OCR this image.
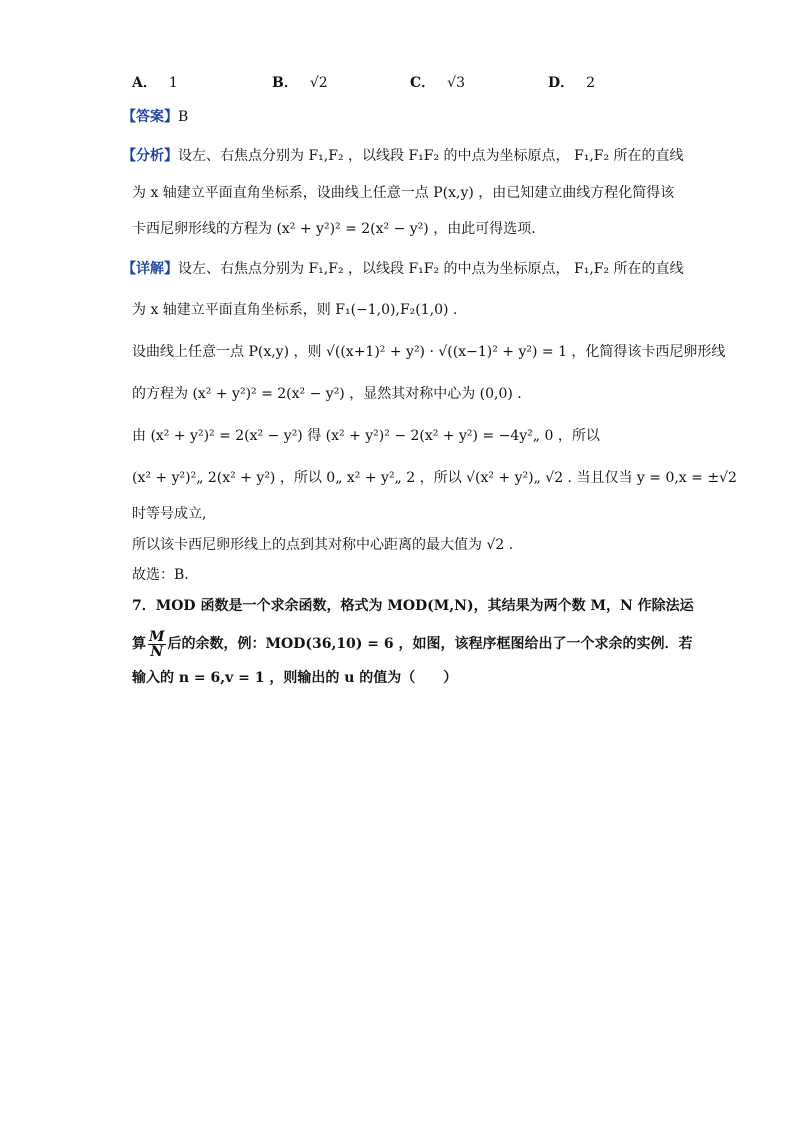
A． 1	B． √2	C． √3	D． 2
【答案】B
【分析】设左、右焦点分别为 F₁,F₂ ，以线段 F₁F₂ 的中点为坐标原点， F₁,F₂ 所在的直线
为 x 轴建立平面直角坐标系，设曲线上任意一点 P(x,y) ，由已知建立曲线方程化简得该
卡西尼卵形线的方程为 (x² + y²)² = 2(x² − y²) ，由此可得选项.
【详解】设左、右焦点分别为 F₁,F₂ ，以线段 F₁F₂ 的中点为坐标原点， F₁,F₂ 所在的直线
为 x 轴建立平面直角坐标系，则 F₁(−1,0),F₂(1,0) .
设曲线上任意一点 P(x,y) ，则 √((x+1)² + y²) · √((x−1)² + y²) = 1 ，化简得该卡西尼卵形线
的方程为 (x² + y²)² = 2(x² − y²) ，显然其对称中心为 (0,0) .
由 (x² + y²)² = 2(x² − y²) 得 (x² + y²)² − 2(x² + y²) = −4y²„ 0 ，所以
(x² + y²)²„ 2(x² + y²) ，所以 0„ x² + y²„ 2 ，所以 √(x² + y²)„ √2 . 当且仅当 y = 0,x = ±√2
时等号成立,
所以该卡西尼卵形线上的点到其对称中心距离的最大值为 √2 .
故选：B.
7．MOD 函数是一个求余函数，格式为 MOD(M,N)，其结果为两个数 M，N 作除法运
算 $\frac{M}{N}$ 后的余数，例：MOD(36,10) = 6 ，如图，该程序框图给出了一个求余的实例．若
输入的 n = 6,v = 1 ，则输出的 u 的值为（　　）
